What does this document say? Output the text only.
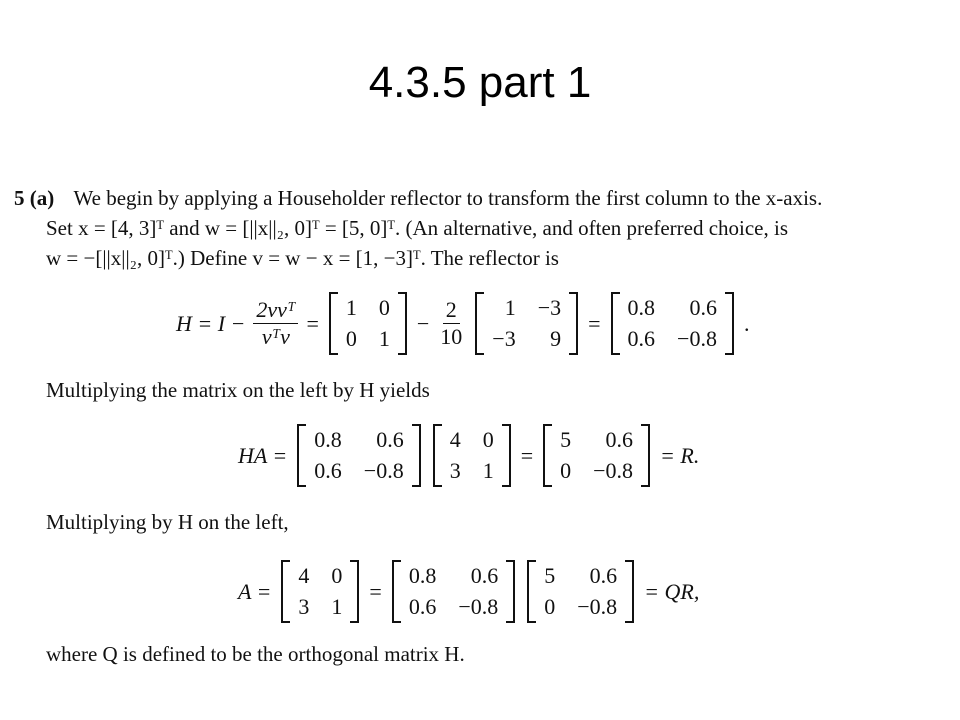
4.3.5 part 1
5 (a) We begin by applying a Householder reflector to transform the first column to the x-axis.
Set x = [4, 3]ᵀ and w = [||x||₂, 0]ᵀ = [5, 0]ᵀ. (An alternative, and often preferred choice, is
w = −[||x||₂, 0]ᵀ.) Define v = w − x = [1, −3]ᵀ. The reflector is
$H = I - \frac{\text{2vvᵀ}}{\text{vᵀv}}$ =
1 0
0 1
− $\frac{2}{10}$	1 −3
−3	9
=
0.8	0.6
0.6 −0.8
.
Multiplying the matrix on the left by H yields
HA =
0.8	0.6
0.6 −0.8
4 0
3 1
=
5	0.6
0 −0.8
= R.
Multiplying by H on the left,
A =
4 0
3 1
=
0.8	0.6
0.6 −0.8
5	0.6
0 −0.8
= QR,
where Q is defined to be the orthogonal matrix H.
